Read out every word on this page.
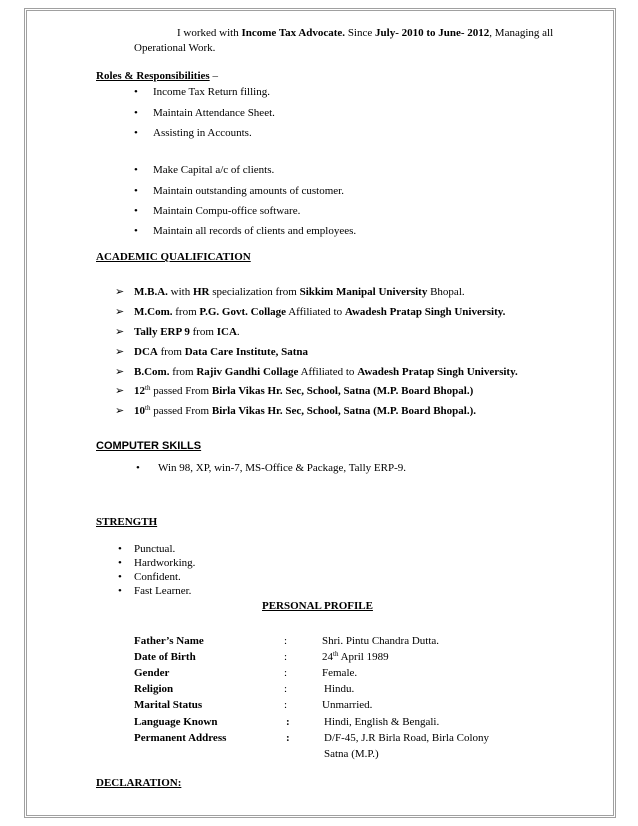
I worked with Income Tax Advocate. Since July- 2010 to June- 2012, Managing all
Operational Work.
Roles & Responsibilities –
• Income Tax Return filling.
• Maintain Attendance Sheet.
• Assisting in Accounts.
• Make Capital a/c of clients.
• Maintain outstanding amounts of customer.
• Maintain Compu-office software.
• Maintain all records of clients and employees.
ACADEMIC QUALIFICATION
➢ M.B.A. with HR specialization from Sikkim Manipal University Bhopal.
➢ M.Com. from P.G. Govt. Collage Affiliated to Awadesh Pratap Singh University.
➢ Tally ERP 9 from ICA.
➢ DCA from Data Care Institute, Satna
➢ B.Com. from Rajiv Gandhi Collage Affiliated to Awadesh Pratap Singh University.
➢ 12th passed From Birla Vikas Hr. Sec, School, Satna (M.P. Board Bhopal.)
➢ 10th passed From Birla Vikas Hr. Sec, School, Satna (M.P. Board Bhopal.).
COMPUTER SKILLS
• Win 98, XP, win-7, MS-Office & Package, Tally ERP-9.
STRENGTH
• Punctual.
• Hardworking.
• Confident.
• Fast Learner.
PERSONAL PROFILE
Father’s Name	:	Shri. Pintu Chandra Dutta.
Date of Birth	:	24th April 1989
Gender	:	Female.
Religion	:	Hindu.
Marital Status	:	Unmarried.
Language Known	:	Hindi, English & Bengali.
Permanent Address	:	D/F-45, J.R Birla Road, Birla Colony
Satna (M.P.)
DECLARATION:
